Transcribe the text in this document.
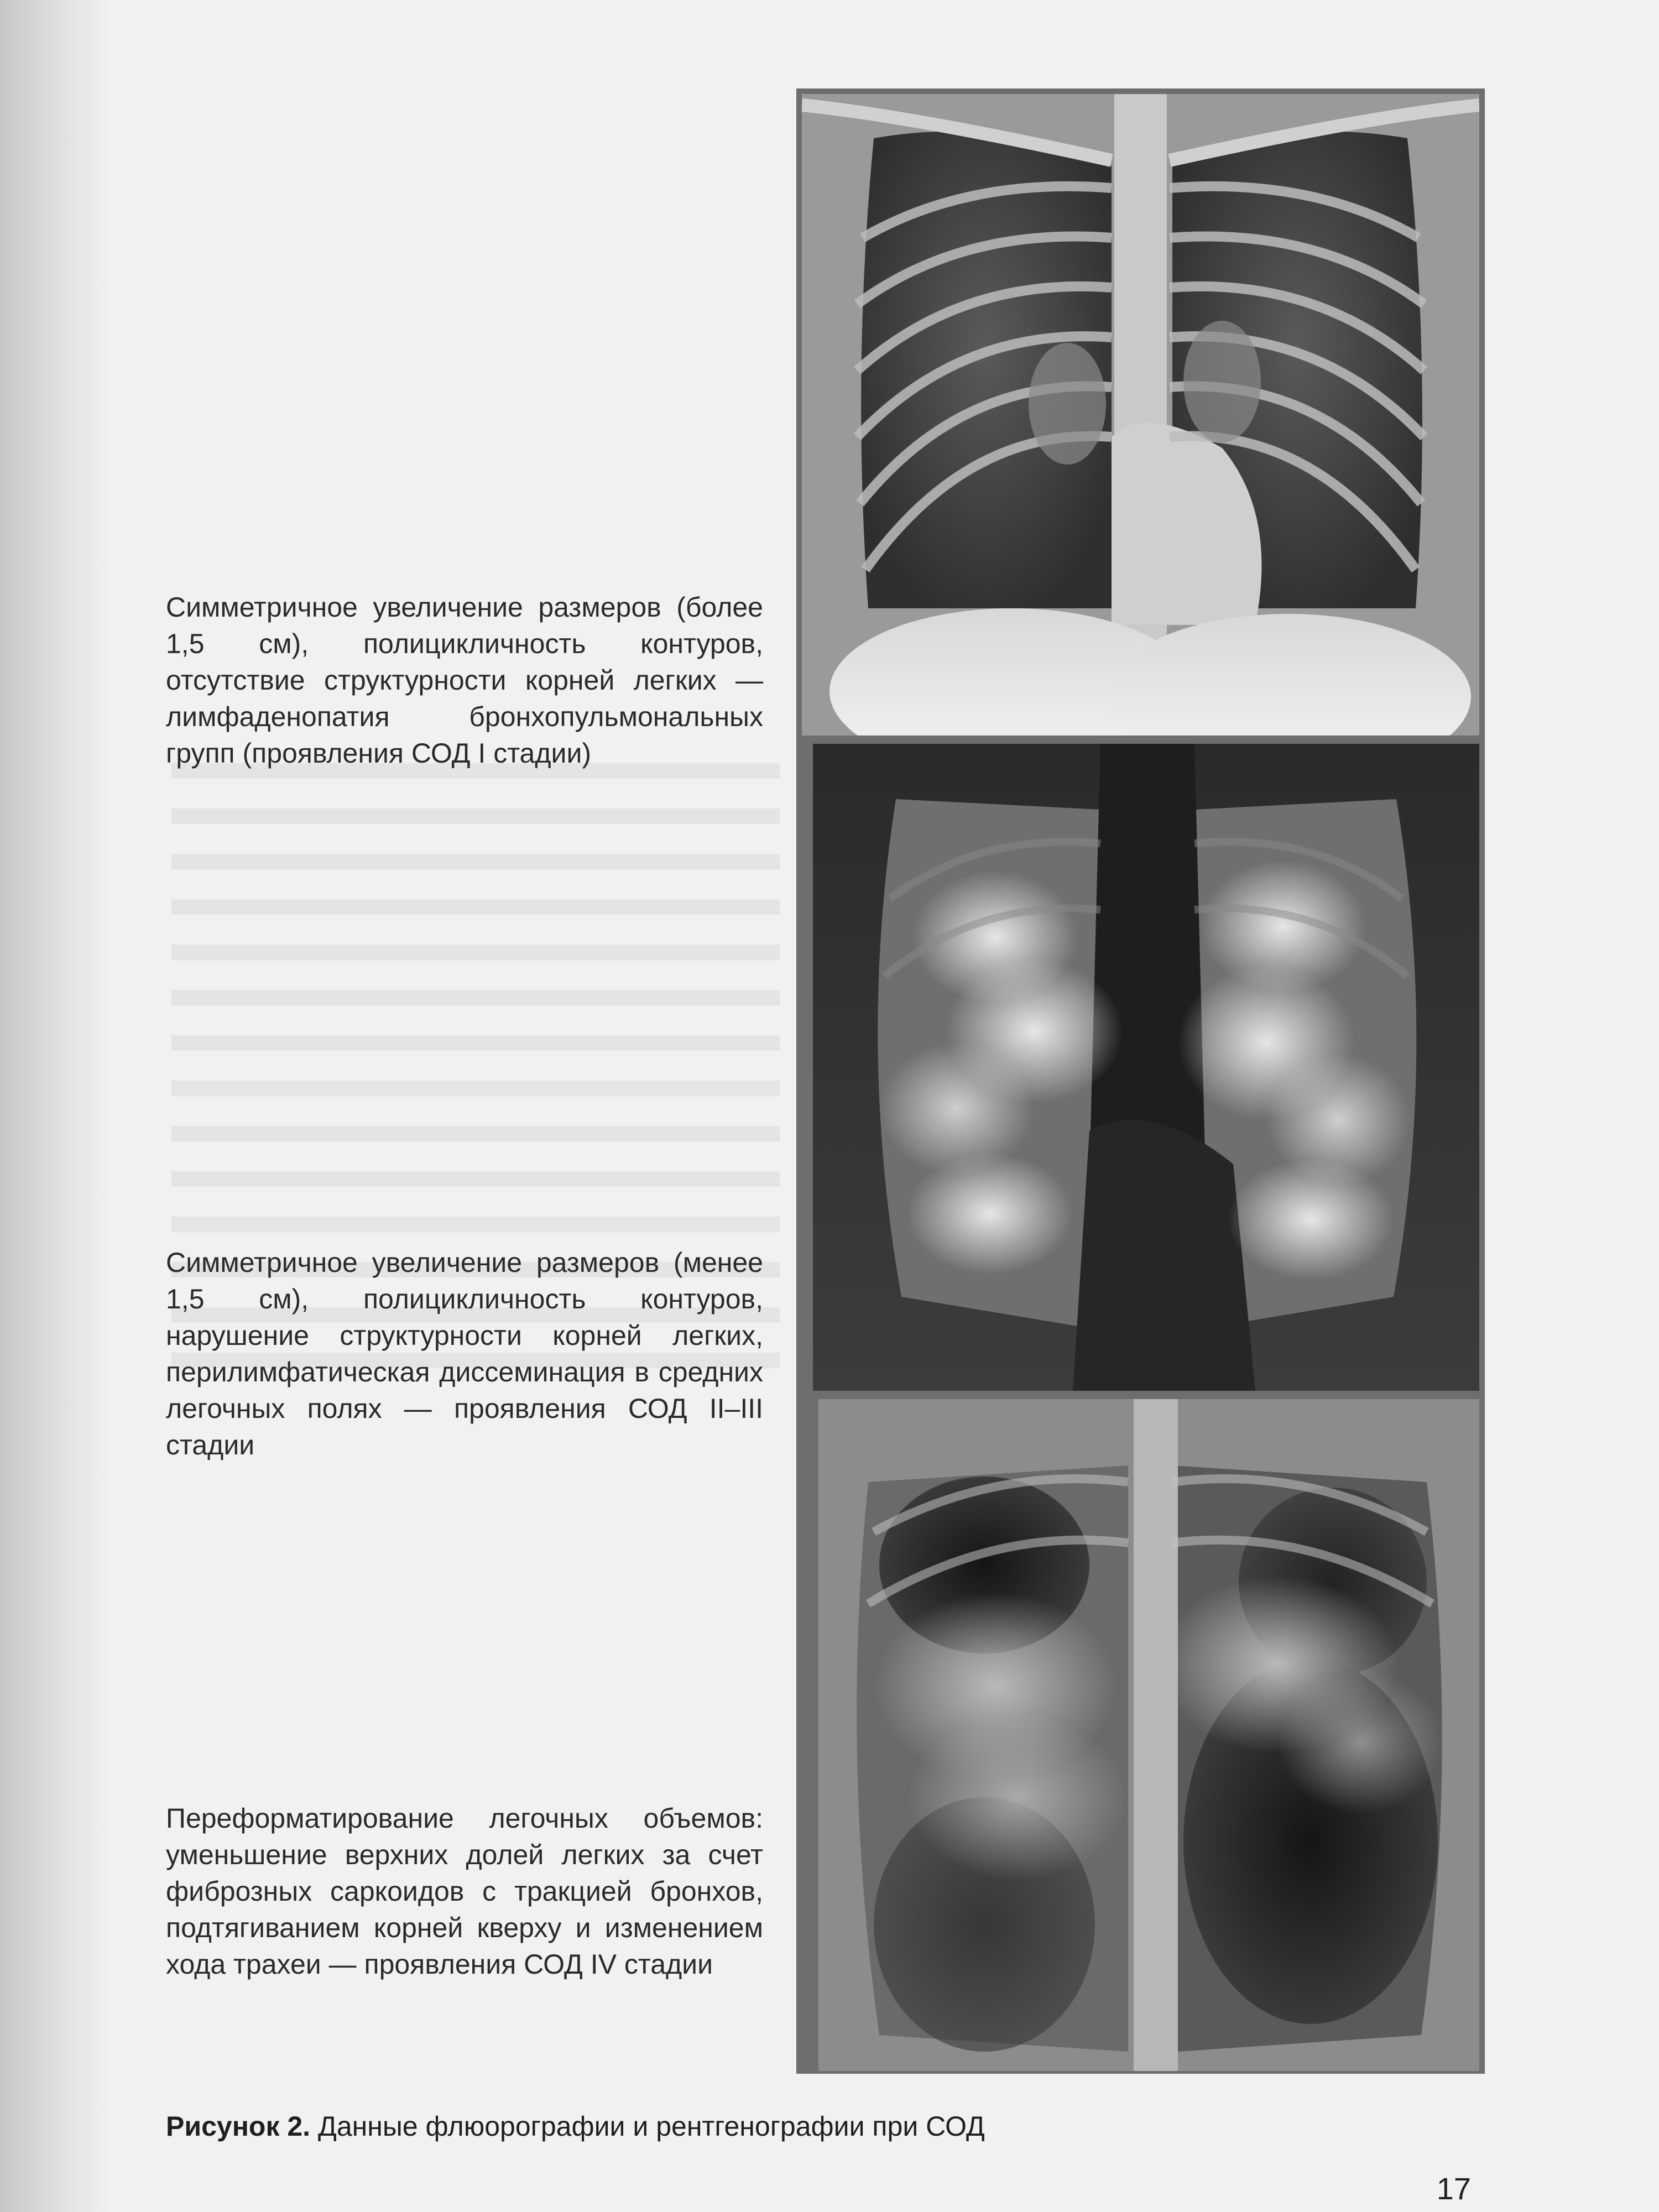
Симметричное увеличение размеров (более 1,5 см), полицикличность контуров, отсутствие структурности корней легких — лимфаденопатия бронхопульмональных групп (проявления СОД I стадии)

Симметричное увеличение размеров (менее 1,5 см), полицикличность контуров, нарушение структурности корней легких, перилимфатическая диссеминация в средних легочных полях — проявления СОД II–III стадии

Переформатирование легочных объемов: уменьшение верхних долей легких за счет фиброзных саркоидов с тракцией бронхов, подтягиванием корней кверху и изменением хода трахеи — проявления СОД IV стадии

Рисунок 2. Данные флюорографии и рентгенографии при СОД
17
